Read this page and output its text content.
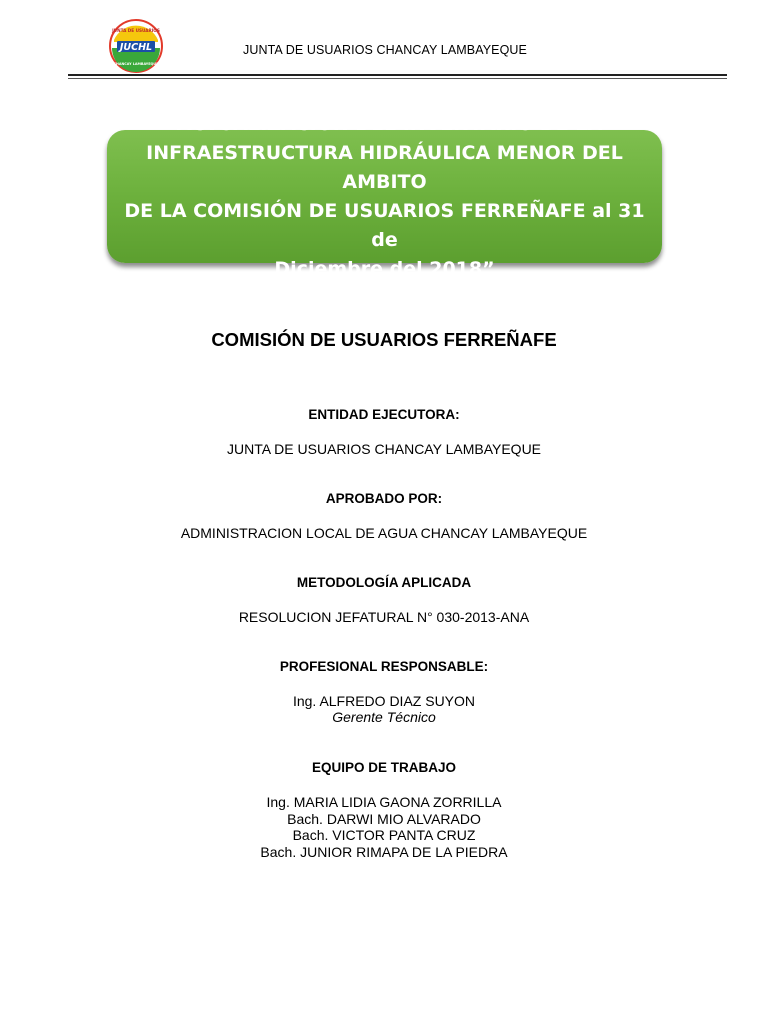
JUCHL
JUNTA DE USUARIOS
CHANCAY LAMBAYEQUE
JUNTA DE USUARIOS CHANCAY LAMBAYEQUE
“ACTUALIZACIÓN DEL INVENTARIO DE LA
INFRAESTRUCTURA HIDRÁULICA MENOR DEL AMBITO
DE LA COMISIÓN DE USUARIOS FERREÑAFE al 31 de
Diciembre del 2018”
COMISIÓN DE USUARIOS FERREÑAFE
ENTIDAD EJECUTORA:
JUNTA DE USUARIOS CHANCAY LAMBAYEQUE
APROBADO POR:
ADMINISTRACION LOCAL DE AGUA CHANCAY LAMBAYEQUE
METODOLOGÍA APLICADA
RESOLUCION JEFATURAL N° 030-2013-ANA
PROFESIONAL RESPONSABLE:
Ing. ALFREDO DIAZ SUYON
Gerente Técnico
EQUIPO DE TRABAJO
Ing. MARIA LIDIA GAONA ZORRILLA
Bach. DARWI MIO ALVARADO
Bach. VICTOR PANTA CRUZ
Bach. JUNIOR RIMAPA DE LA PIEDRA
